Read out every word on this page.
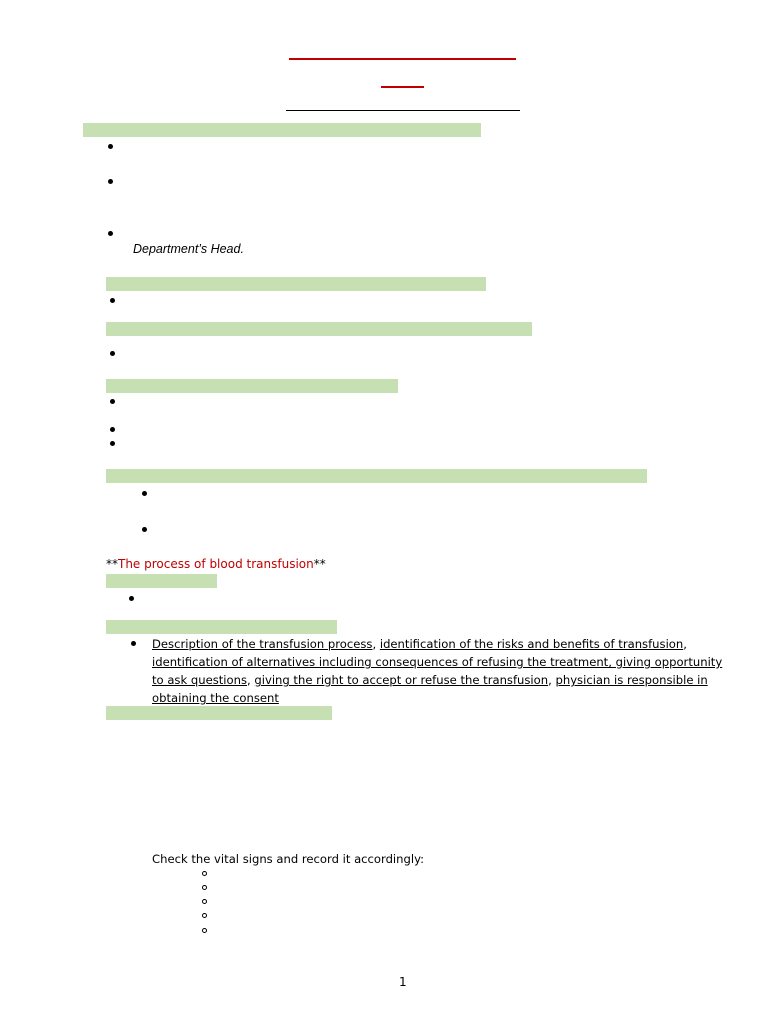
Department’s Head.
**The process of blood transfusion**
Description of the transfusion process, identification of the risks and benefits of transfusion, identification of alternatives including consequences of refusing the treatment, giving opportunity to ask questions, giving the right to accept or refuse the transfusion, physician is responsible in obtaining the consent
Check the vital signs and record it accordingly:
1
